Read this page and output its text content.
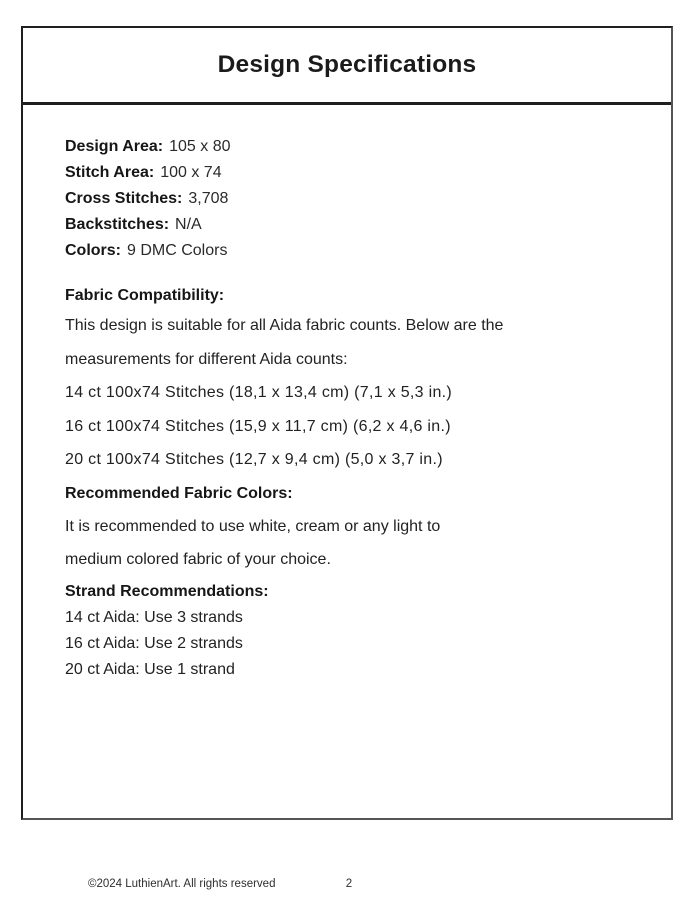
Design Specifications
Design Area: 105 x 80
Stitch Area: 100 x 74
Cross Stitches: 3,708
Backstitches: N/A
Colors: 9 DMC Colors
Fabric Compatibility:
This design is suitable for all Aida fabric counts. Below are the
measurements for different Aida counts:
14 ct 100x74 Stitches (18,1 x 13,4 cm) (7,1 x 5,3 in.)
16 ct 100x74 Stitches (15,9 x 11,7 cm) (6,2 x 4,6 in.)
20 ct 100x74 Stitches (12,7 x 9,4 cm) (5,0 x 3,7 in.)
Recommended Fabric Colors:
It is recommended to use white, cream or any light to
medium colored fabric of your choice.
Strand Recommendations:
14 ct Aida: Use 3 strands
16 ct Aida: Use 2 strands
20 ct Aida: Use 1 strand
©2024 LuthienArt. All rights reserved	2
